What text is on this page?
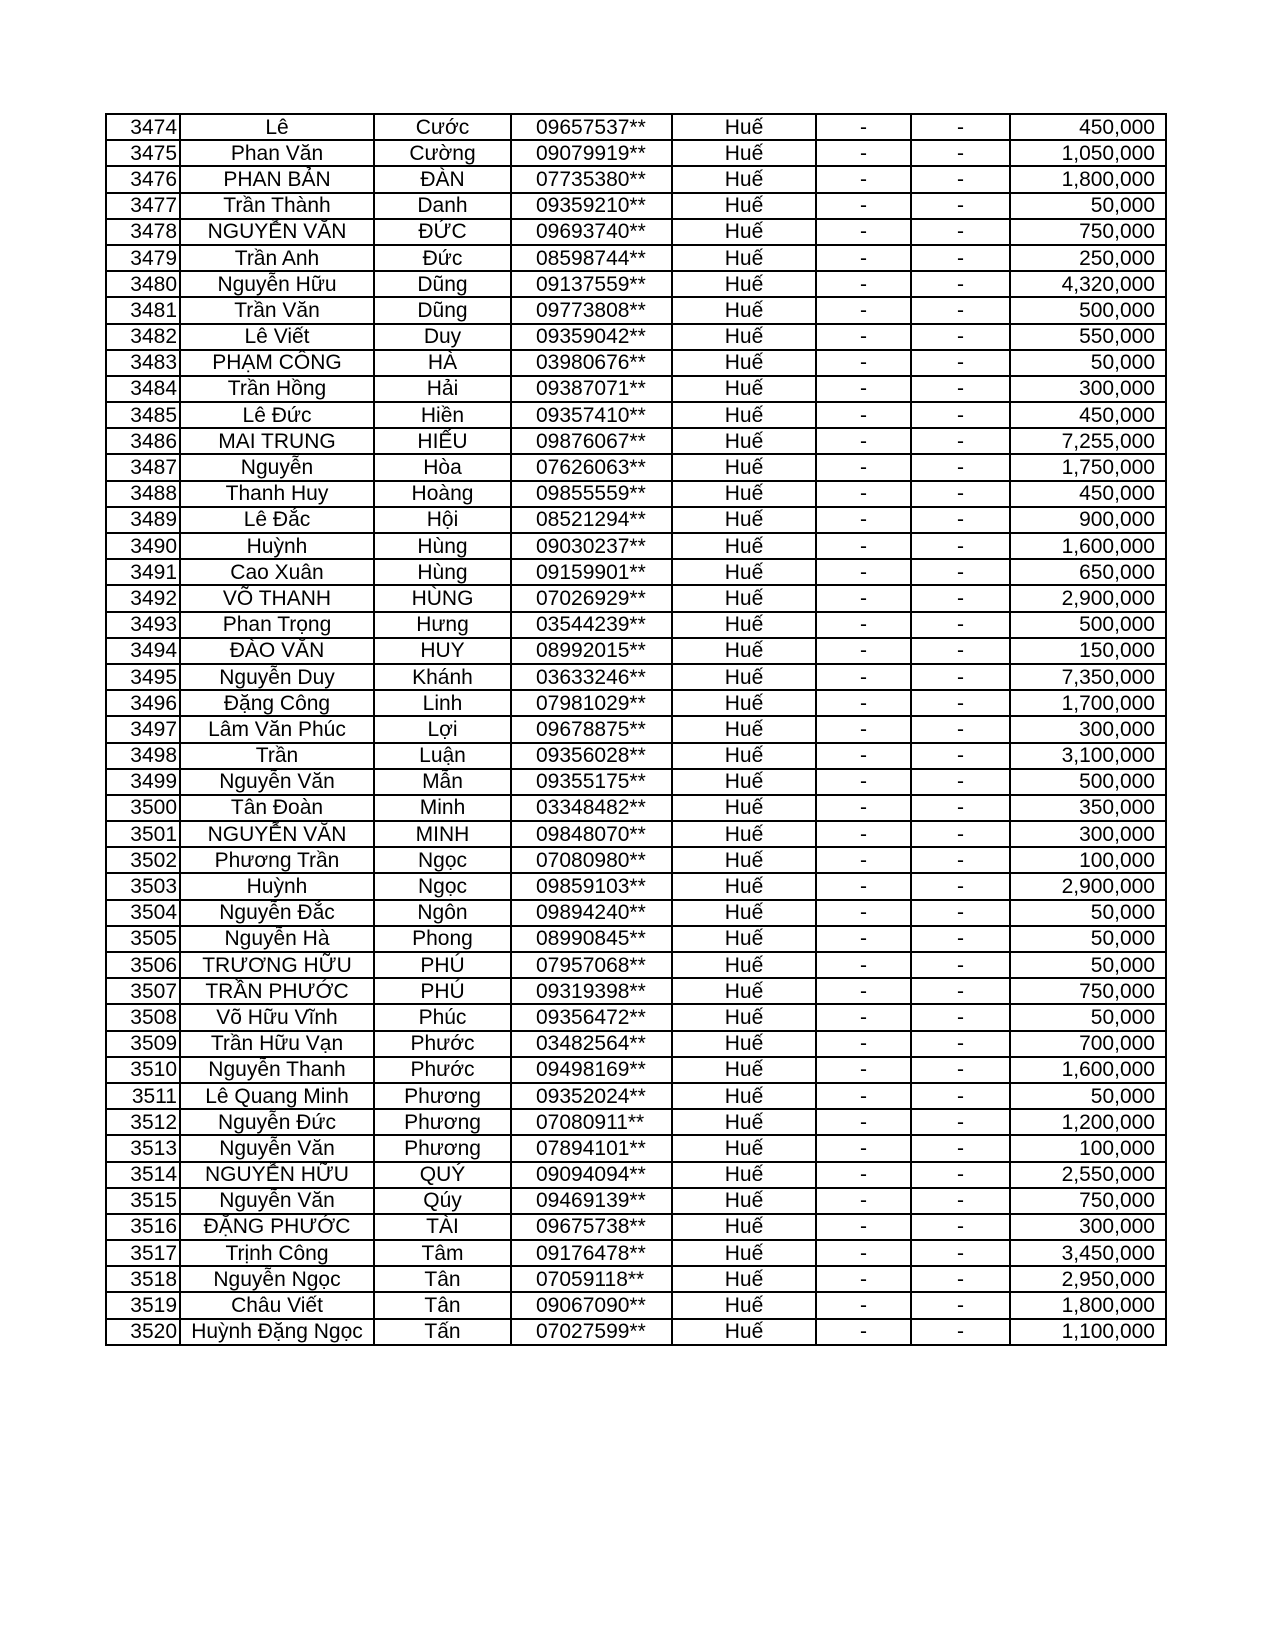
3474	Lê	Cước	09657537**	Huế	-	-	450,000
3475	Phan Văn	Cường	09079919**	Huế	-	-	1,050,000
3476	PHAN BẢN	ĐÀN	07735380**	Huế	-	-	1,800,000
3477	Trần Thành	Danh	09359210**	Huế	-	-	50,000
3478	NGUYỄN VĂN	ĐỨC	09693740**	Huế	-	-	750,000
3479	Trần Anh	Đức	08598744**	Huế	-	-	250,000
3480	Nguyễn Hữu	Dũng	09137559**	Huế	-	-	4,320,000
3481	Trần Văn	Dũng	09773808**	Huế	-	-	500,000
3482	Lê Viết	Duy	09359042**	Huế	-	-	550,000
3483	PHẠM CÔNG	HÀ	03980676**	Huế	-	-	50,000
3484	Trần Hồng	Hải	09387071**	Huế	-	-	300,000
3485	Lê Đức	Hiền	09357410**	Huế	-	-	450,000
3486	MAI TRUNG	HIẾU	09876067**	Huế	-	-	7,255,000
3487	Nguyễn	Hòa	07626063**	Huế	-	-	1,750,000
3488	Thanh Huy	Hoàng	09855559**	Huế	-	-	450,000
3489	Lê Đắc	Hội	08521294**	Huế	-	-	900,000
3490	Huỳnh	Hùng	09030237**	Huế	-	-	1,600,000
3491	Cao Xuân	Hùng	09159901**	Huế	-	-	650,000
3492	VÕ THANH	HÙNG	07026929**	Huế	-	-	2,900,000
3493	Phan Trọng	Hưng	03544239**	Huế	-	-	500,000
3494	ĐÀO VĂN	HUY	08992015**	Huế	-	-	150,000
3495	Nguyễn Duy	Khánh	03633246**	Huế	-	-	7,350,000
3496	Đặng Công	Linh	07981029**	Huế	-	-	1,700,000
3497	Lâm Văn Phúc	Lợi	09678875**	Huế	-	-	300,000
3498	Trần	Luận	09356028**	Huế	-	-	3,100,000
3499	Nguyễn Văn	Mẫn	09355175**	Huế	-	-	500,000
3500	Tân Đoàn	Minh	03348482**	Huế	-	-	350,000
3501	NGUYỄN VĂN	MINH	09848070**	Huế	-	-	300,000
3502	Phương Trần	Ngọc	07080980**	Huế	-	-	100,000
3503	Huỳnh	Ngọc	09859103**	Huế	-	-	2,900,000
3504	Nguyễn Đắc	Ngôn	09894240**	Huế	-	-	50,000
3505	Nguyễn Hà	Phong	08990845**	Huế	-	-	50,000
3506	TRƯƠNG HỮU	PHÚ	07957068**	Huế	-	-	50,000
3507	TRẦN PHƯỚC	PHÚ	09319398**	Huế	-	-	750,000
3508	Võ Hữu Vĩnh	Phúc	09356472**	Huế	-	-	50,000
3509	Trần Hữu Vạn	Phước	03482564**	Huế	-	-	700,000
3510	Nguyễn Thanh	Phước	09498169**	Huế	-	-	1,600,000
3511	Lê Quang Minh	Phương	09352024**	Huế	-	-	50,000
3512	Nguyễn Đức	Phương	07080911**	Huế	-	-	1,200,000
3513	Nguyễn Văn	Phương	07894101**	Huế	-	-	100,000
3514	NGUYỄN HỮU	QUÝ	09094094**	Huế	-	-	2,550,000
3515	Nguyễn Văn	Qúy	09469139**	Huế	-	-	750,000
3516	ĐẶNG PHƯỚC	TÀI	09675738**	Huế	-	-	300,000
3517	Trịnh Công	Tâm	09176478**	Huế	-	-	3,450,000
3518	Nguyễn Ngọc	Tân	07059118**	Huế	-	-	2,950,000
3519	Châu Viết	Tân	09067090**	Huế	-	-	1,800,000
3520	Huỳnh Đặng Ngọc	Tấn	07027599**	Huế	-	-	1,100,000
